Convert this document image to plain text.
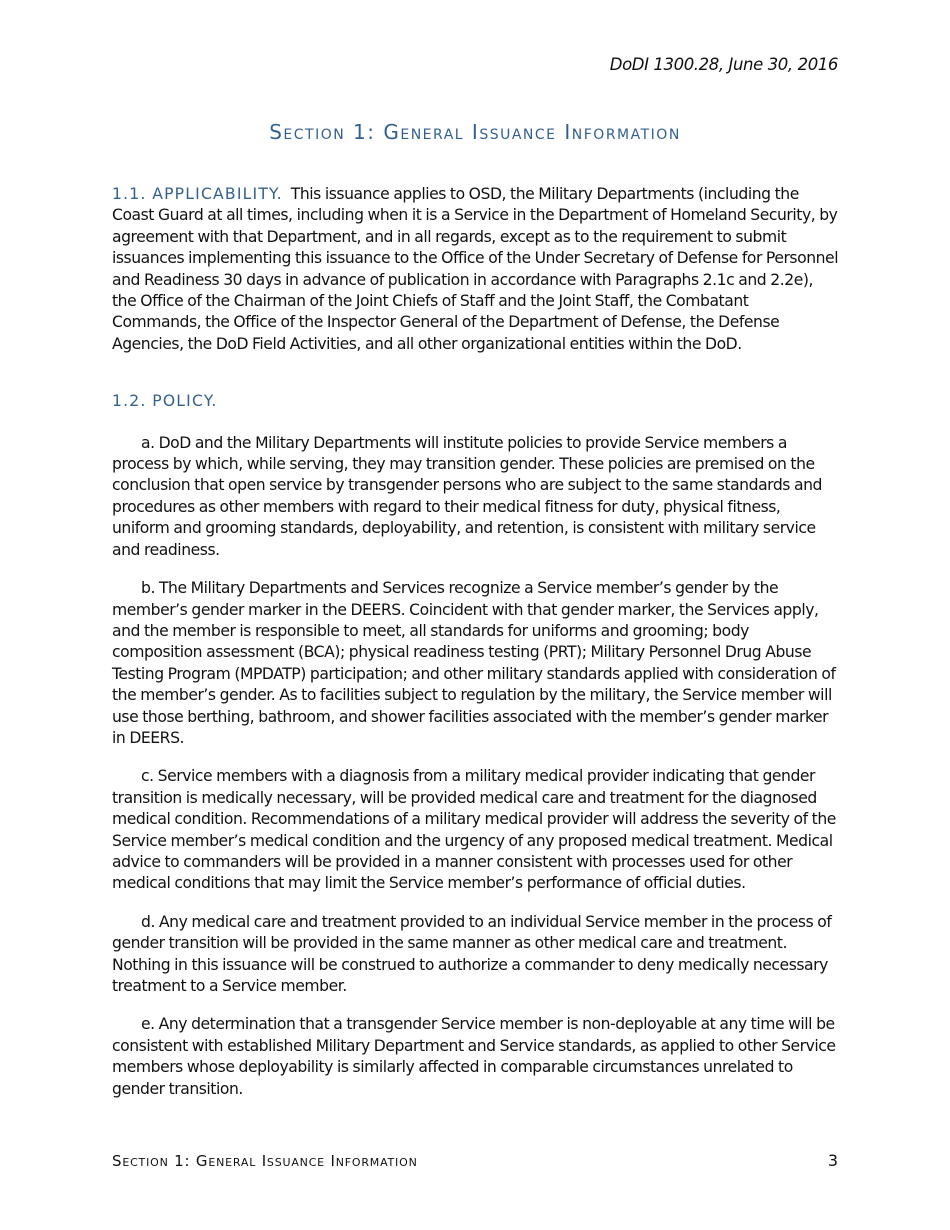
DoDI 1300.28, June 30, 2016
Section 1: General Issuance Information

1.1. APPLICABILITY. This issuance applies to OSD, the Military Departments (including the Coast Guard at all times, including when it is a Service in the Department of Homeland Security, by agreement with that Department, and in all regards, except as to the requirement to submit issuances implementing this issuance to the Office of the Under Secretary of Defense for Personnel and Readiness 30 days in advance of publication in accordance with Paragraphs 2.1c and 2.2e), the Office of the Chairman of the Joint Chiefs of Staff and the Joint Staff, the Combatant Commands, the Office of the Inspector General of the Department of Defense, the Defense Agencies, the DoD Field Activities, and all other organizational entities within the DoD.

1.2. POLICY.

a. DoD and the Military Departments will institute policies to provide Service members a process by which, while serving, they may transition gender. These policies are premised on the conclusion that open service by transgender persons who are subject to the same standards and procedures as other members with regard to their medical fitness for duty, physical fitness, uniform and grooming standards, deployability, and retention, is consistent with military service and readiness.

b. The Military Departments and Services recognize a Service member’s gender by the member’s gender marker in the DEERS. Coincident with that gender marker, the Services apply, and the member is responsible to meet, all standards for uniforms and grooming; body composition assessment (BCA); physical readiness testing (PRT); Military Personnel Drug Abuse Testing Program (MPDATP) participation; and other military standards applied with consideration of the member’s gender. As to facilities subject to regulation by the military, the Service member will use those berthing, bathroom, and shower facilities associated with the member’s gender marker in DEERS.

c. Service members with a diagnosis from a military medical provider indicating that gender transition is medically necessary, will be provided medical care and treatment for the diagnosed medical condition. Recommendations of a military medical provider will address the severity of the Service member’s medical condition and the urgency of any proposed medical treatment. Medical advice to commanders will be provided in a manner consistent with processes used for other medical conditions that may limit the Service member’s performance of official duties.

d. Any medical care and treatment provided to an individual Service member in the process of gender transition will be provided in the same manner as other medical care and treatment. Nothing in this issuance will be construed to authorize a commander to deny medically necessary treatment to a Service member.

e. Any determination that a transgender Service member is non-deployable at any time will be consistent with established Military Department and Service standards, as applied to other Service members whose deployability is similarly affected in comparable circumstances unrelated to gender transition.

Section 1: General Issuance Information	3
